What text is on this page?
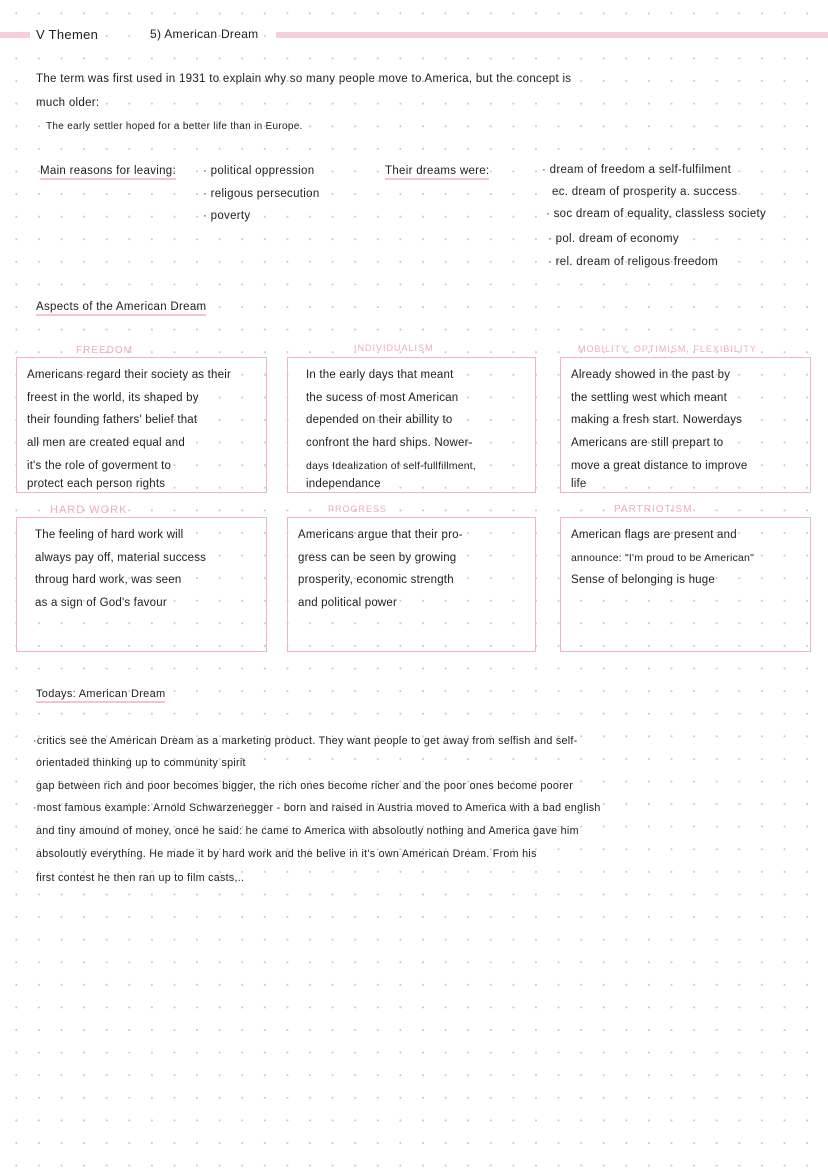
V Themen	5) American Dream
The term was first used in 1931 to explain why so many people move to America, but the concept is
much older:
The early settler hoped for a better life than in Europe.
Main reasons for leaving: · political oppression
· religous persecution
· poverty
Their dreams were:	· dream of freedom a self-fulfilment
ec. dream of prosperity a. success
· soc dream of equality, classless society
· pol. dream of economy
· rel. dream of religous freedom
Aspects of the American Dream
FREEDOM
Americans regard their society as their
freest in the world, its shaped by
their founding fathers' belief that
all men are created equal and
it's the role of goverment to
protect each person rights
INDIVIDUALISM
In the early days that meant
the sucess of most American
depended on their abillity to
confront the hard ships. Nower-
days Idealization of self-fullfillment,
independance
MOBILITY, OPTIMISM, FLEXIBILITY
Already showed in the past by
the settling west which meant
making a fresh start. Nowerdays
Americans are still prepart to
move a great distance to improve
life
HARD WORK
The feeling of hard work will
always pay off, material success
throug hard work, was seen
as a sign of God's favour
PROGRESS
Americans argue that their pro-
gress can be seen by growing
prosperity, economic strength
and political power
PARTRIOTISM
American flags are present and
announce: "I'm proud to be American"
Sense of belonging is huge
Todays: American Dream
·critics see the American Dream as a marketing product. They want people to get away from selfish and self-
orientaded thinking up to community spirit
gap between rich and poor becomes bigger, the rich ones become richer and the poor ones become poorer
·most famous example: Arnold Schwarzenegger - born and raised in Austria moved to America with a bad english
and tiny amound of money, once he said: he came to America with absoloutly nothing and America gave him
absoloutly everything. He made it by hard work and the belive in it's own American Dream. From his
first contest he then ran up to film casts,..
